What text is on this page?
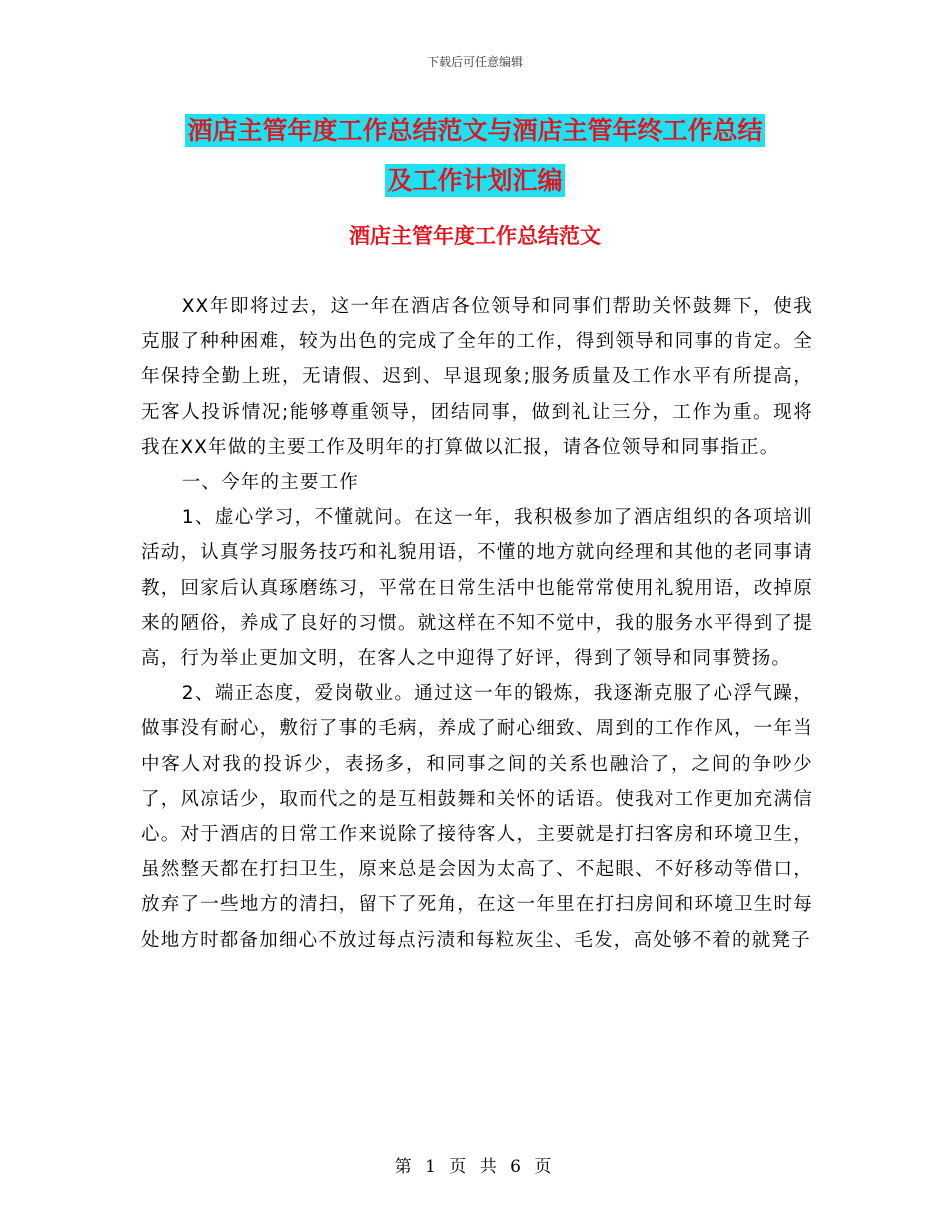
下载后可任意编辑
酒店主管年度工作总结范文与酒店主管年终工作总结
及工作计划汇编
酒店主管年度工作总结范文

XX年即将过去，这一年在酒店各位领导和同事们帮助关怀鼓舞下，使我克服了种种困难，较为出色的完成了全年的工作，得到领导和同事的肯定。全年保持全勤上班，无请假、迟到、早退现象;服务质量及工作水平有所提高，无客人投诉情况;能够尊重领导，团结同事，做到礼让三分，工作为重。现将我在XX年做的主要工作及明年的打算做以汇报，请各位领导和同事指正。

一、今年的主要工作

1、虚心学习，不懂就问。在这一年，我积极参加了酒店组织的各项培训活动，认真学习服务技巧和礼貌用语，不懂的地方就向经理和其他的老同事请教，回家后认真琢磨练习，平常在日常生活中也能常常使用礼貌用语，改掉原来的陋俗，养成了良好的习惯。就这样在不知不觉中，我的服务水平得到了提高，行为举止更加文明，在客人之中迎得了好评，得到了领导和同事赞扬。

2、端正态度，爱岗敬业。通过这一年的锻炼，我逐渐克服了心浮气躁，做事没有耐心，敷衍了事的毛病，养成了耐心细致、周到的工作作风，一年当中客人对我的投诉少，表扬多，和同事之间的关系也融洽了，之间的争吵少了，风凉话少，取而代之的是互相鼓舞和关怀的话语。使我对工作更加充满信心。对于酒店的日常工作来说除了接待客人，主要就是打扫客房和环境卫生，虽然整天都在打扫卫生，原来总是会因为太高了、不起眼、不好移动等借口，放弃了一些地方的清扫，留下了死角，在这一年里在打扫房间和环境卫生时每处地方时都备加细心不放过每点污渍和每粒灰尘、毛发，高处够不着的就凳子

第 1 页 共 6 页
